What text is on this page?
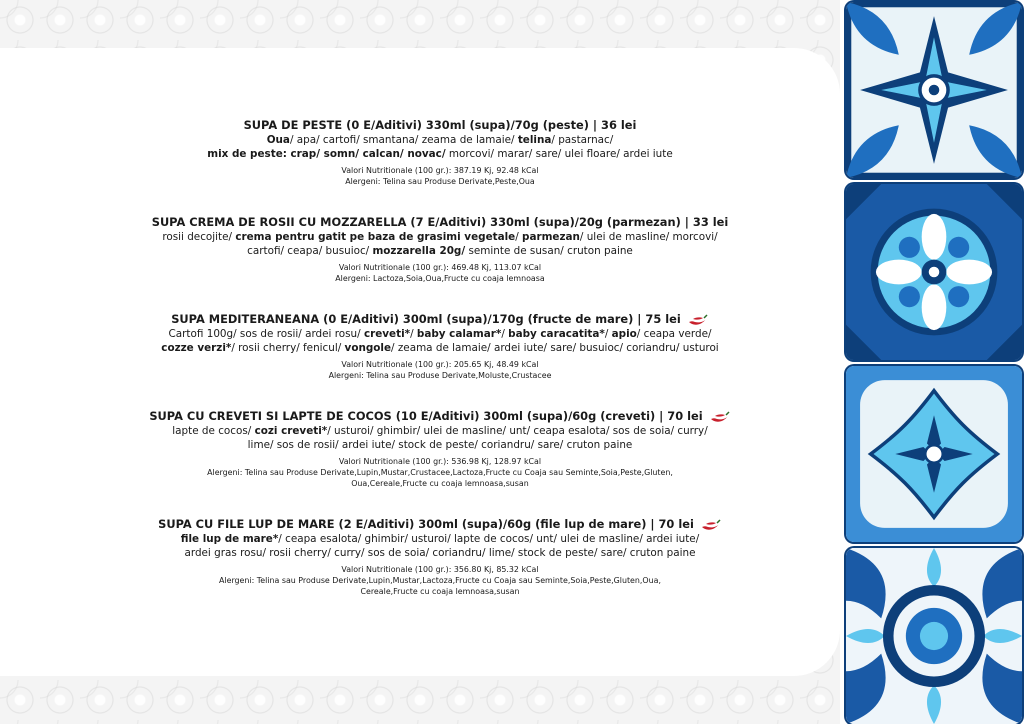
SUPA DE PESTE (0 E/Aditivi) 330ml (supa)/70g (peste) | 36 lei
Oua/ apa/ cartofi/ smantana/ zeama de lamaie/ telina/ pastarnac/
mix de peste: crap/ somn/ calcan/ novac/ morcovi/ marar/ sare/ ulei floare/ ardei iute
Valori Nutritionale (100 gr.): 387.19 Kj, 92.48 kCal
Alergeni: Telina sau Produse Derivate,Peste,Oua
SUPA CREMA DE ROSII CU MOZZARELLA (7 E/Aditivi) 330ml (supa)/20g (parmezan) | 33 lei
rosii decojite/ crema pentru gatit pe baza de grasimi vegetale/ parmezan/ ulei de masline/ morcovi/
cartofi/ ceapa/ busuioc/ mozzarella 20g/ seminte de susan/ cruton paine
Valori Nutritionale (100 gr.): 469.48 Kj, 113.07 kCal
Alergeni: Lactoza,Soia,Oua,Fructe cu coaja lemnoasa
SUPA MEDITERANEANA (0 E/Aditivi) 300ml (supa)/170g (fructe de mare) | 75 lei
Cartofi 100g/ sos de rosii/ ardei rosu/ creveti*/ baby calamar*/ baby caracatita*/ apio/ ceapa verde/
cozze verzi*/ rosii cherry/ fenicul/ vongole/ zeama de lamaie/ ardei iute/ sare/ busuioc/ coriandru/ usturoi
Valori Nutritionale (100 gr.): 205.65 Kj, 48.49 kCal
Alergeni: Telina sau Produse Derivate,Moluste,Crustacee
SUPA CU CREVETI SI LAPTE DE COCOS (10 E/Aditivi) 300ml (supa)/60g (creveti) | 70 lei
lapte de cocos/ cozi creveti*/ usturoi/ ghimbir/ ulei de masline/ unt/ ceapa esalota/ sos de soia/ curry/
lime/ sos de rosii/ ardei iute/ stock de peste/ coriandru/ sare/ cruton paine
Valori Nutritionale (100 gr.): 536.98 Kj, 128.97 kCal
Alergeni: Telina sau Produse Derivate,Lupin,Mustar,Crustacee,Lactoza,Fructe cu Coaja sau Seminte,Soia,Peste,Gluten,
Oua,Cereale,Fructe cu coaja lemnoasa,susan
SUPA CU FILE LUP DE MARE (2 E/Aditivi) 300ml (supa)/60g (file lup de mare) | 70 lei
file lup de mare*/ ceapa esalota/ ghimbir/ usturoi/ lapte de cocos/ unt/ ulei de masline/ ardei iute/
ardei gras rosu/ rosii cherry/ curry/ sos de soia/ coriandru/ lime/ stock de peste/ sare/ cruton paine
Valori Nutritionale (100 gr.): 356.80 Kj, 85.32 kCal
Alergeni: Telina sau Produse Derivate,Lupin,Mustar,Lactoza,Fructe cu Coaja sau Seminte,Soia,Peste,Gluten,Oua,
Cereale,Fructe cu coaja lemnoasa,susan
